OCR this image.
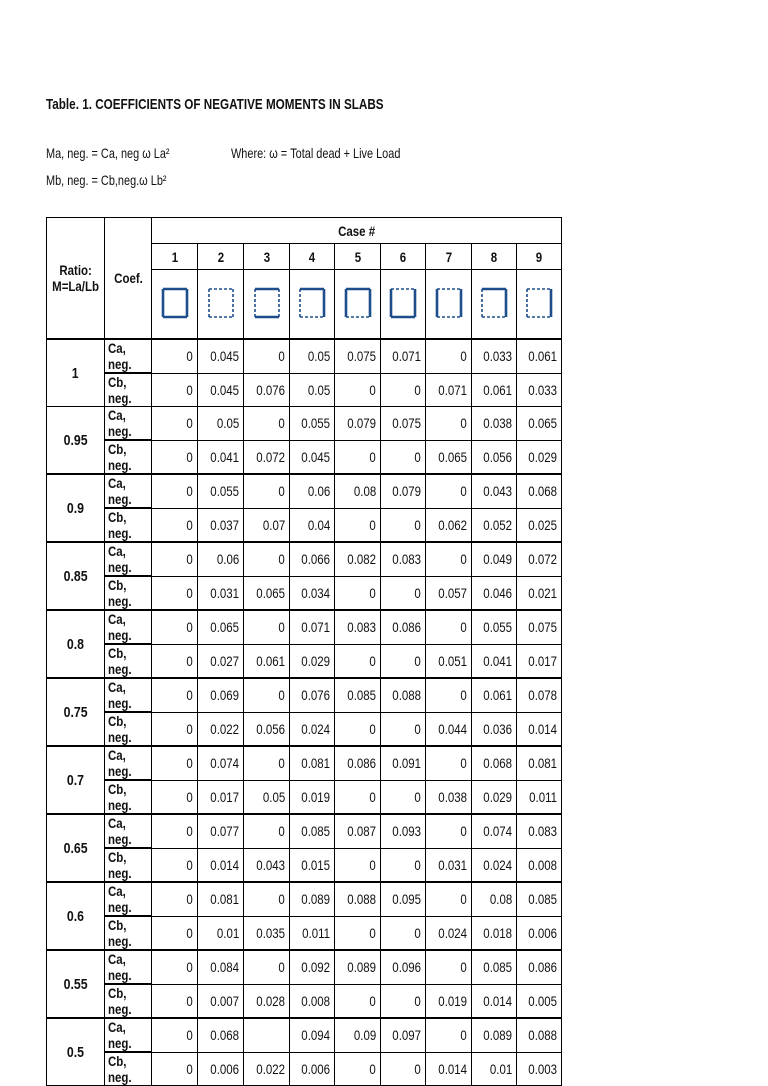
Table. 1. COEFFICIENTS OF NEGATIVE MOMENTS IN SLABS
Ma, neg. = Ca, neg ω La²
Mb, neg. = Cb,neg.ω Lb²
Where: ω = Total dead + Live Load
Ratio:
M=La/Lb	Coef.	Case #								
		1	2	3	4	5	6	7	8	9

1	Ca, neg.	0	0.045	0	0.05	0.075	0.071	0	0.033	0.061
	Cb, neg.	0	0.045	0.076	0.05	0	0	0.071	0.061	0.033
0.95	Ca, neg.	0	0.05	0	0.055	0.079	0.075	0	0.038	0.065
	Cb, neg.	0	0.041	0.072	0.045	0	0	0.065	0.056	0.029
0.9	Ca, neg.	0	0.055	0	0.06	0.08	0.079	0	0.043	0.068
	Cb, neg.	0	0.037	0.07	0.04	0	0	0.062	0.052	0.025
0.85	Ca, neg.	0	0.06	0	0.066	0.082	0.083	0	0.049	0.072
	Cb, neg.	0	0.031	0.065	0.034	0	0	0.057	0.046	0.021
0.8	Ca, neg.	0	0.065	0	0.071	0.083	0.086	0	0.055	0.075
	Cb, neg.	0	0.027	0.061	0.029	0	0	0.051	0.041	0.017
0.75	Ca, neg.	0	0.069	0	0.076	0.085	0.088	0	0.061	0.078
	Cb, neg.	0	0.022	0.056	0.024	0	0	0.044	0.036	0.014
0.7	Ca, neg.	0	0.074	0	0.081	0.086	0.091	0	0.068	0.081
	Cb, neg.	0	0.017	0.05	0.019	0	0	0.038	0.029	0.011
0.65	Ca, neg.	0	0.077	0	0.085	0.087	0.093	0	0.074	0.083
	Cb, neg.	0	0.014	0.043	0.015	0	0	0.031	0.024	0.008
0.6	Ca, neg.	0	0.081	0	0.089	0.088	0.095	0	0.08	0.085
	Cb, neg.	0	0.01	0.035	0.011	0	0	0.024	0.018	0.006
0.55	Ca, neg.	0	0.084	0	0.092	0.089	0.096	0	0.085	0.086
	Cb, neg.	0	0.007	0.028	0.008	0	0	0.019	0.014	0.005
0.5	Ca, neg.	0	0.068		0.094	0.09	0.097	0	0.089	0.088
	Cb, neg.	0	0.006	0.022	0.006	0	0	0.014	0.01	0.003
